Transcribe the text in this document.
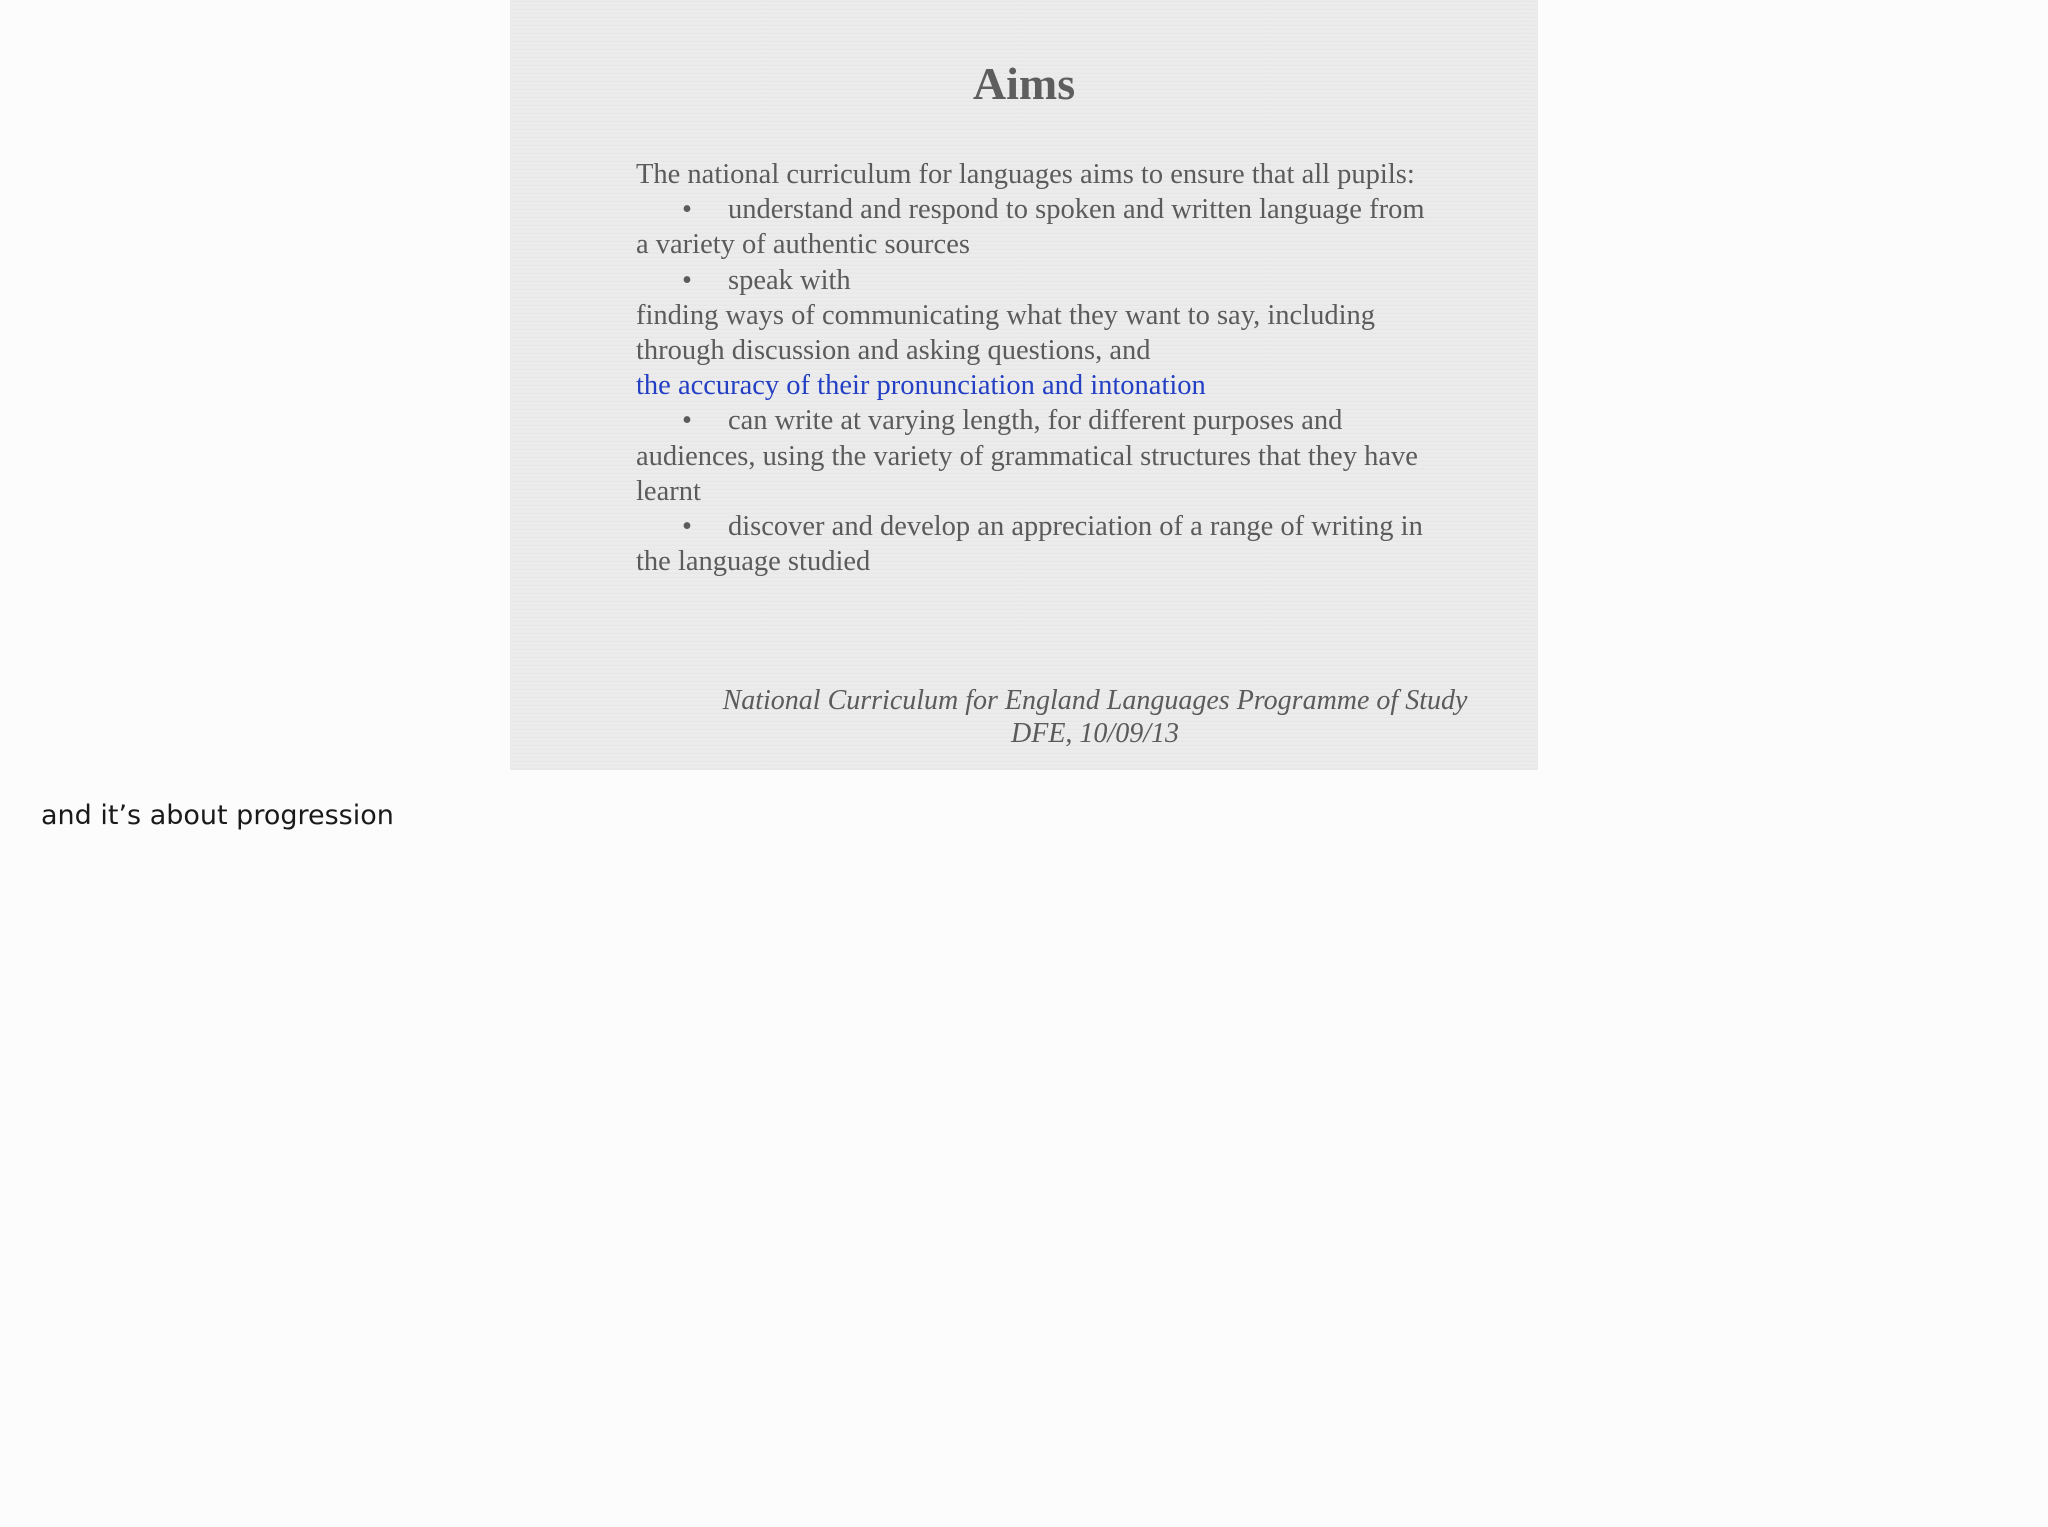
Aims
The national curriculum for languages aims to ensure that all pupils:
• understand and respond to spoken and written language from
a variety of authentic sources
• speak with
finding ways of communicating what they want to say, including
through discussion and asking questions, and
the accuracy of their pronunciation and intonation
• can write at varying length, for different purposes and
audiences, using the variety of grammatical structures that they have
learnt
• discover and develop an appreciation of a range of writing in
the language studied
National Curriculum for England Languages Programme of Study
DFE, 10/09/13
and it’s about progression
